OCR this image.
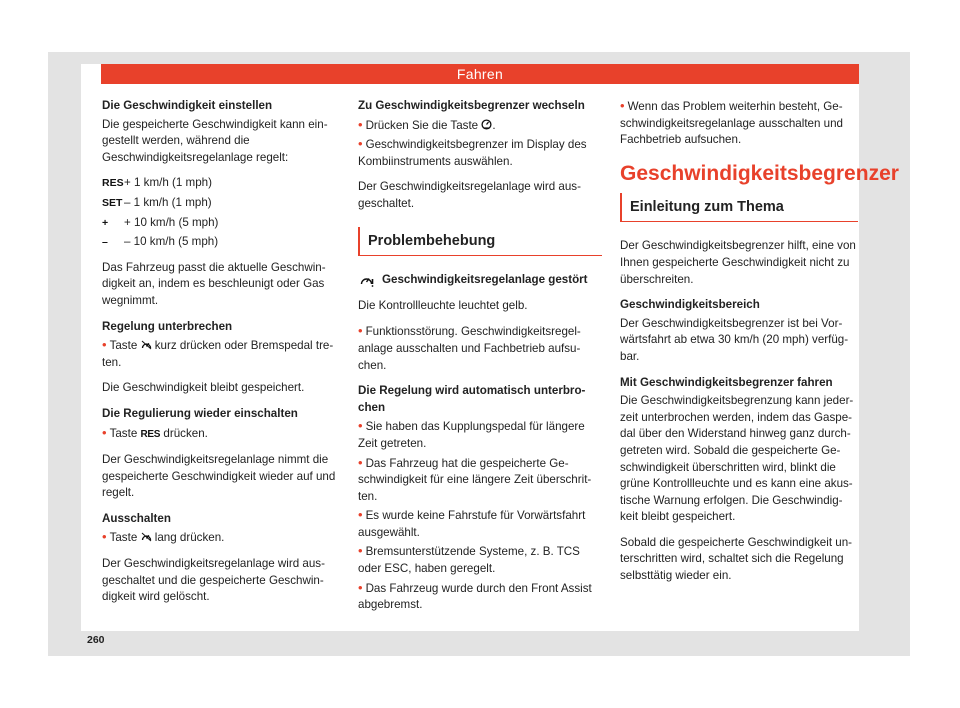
Fahren

Die Geschwindigkeit einstellen

Die gespeicherte Geschwindigkeit kann ein-gestellt werden, während die Geschwindigkeitsregelanlage regelt:

RES + 1 km/h (1 mph)
SET – 1 km/h (1 mph)
+	+ 10 km/h (5 mph)
–	– 10 km/h (5 mph)

Das Fahrzeug passt die aktuelle Geschwin-digkeit an, indem es beschleunigt oder Gas wegnimmt.

Regelung unterbrechen

• Taste kurz drücken oder Bremspedal tre-ten.

Die Geschwindigkeit bleibt gespeichert.

Die Regulierung wieder einschalten

• Taste RES drücken.

Der Geschwindigkeitsregelanlage nimmt die gespeicherte Geschwindigkeit wieder auf und regelt.

Ausschalten

• Taste lang drücken.

Der Geschwindigkeitsregelanlage wird aus-geschaltet und die gespeicherte Geschwin-digkeit wird gelöscht.

Zu Geschwindigkeitsbegrenzer wechseln

• Drücken Sie die Taste .

• Geschwindigkeitsbegrenzer im Display des Kombiinstruments auswählen.

Der Geschwindigkeitsregelanlage wird aus-geschaltet.

Problembehebung
Geschwindigkeitsregelanlage gestört

Die Kontrollleuchte leuchtet gelb.

• Funktionsstörung. Geschwindigkeitsregel-anlage ausschalten und Fachbetrieb aufsu-chen.

Die Regelung wird automatisch unterbro-chen

• Sie haben das Kupplungspedal für längere Zeit getreten.

• Das Fahrzeug hat die gespeicherte Ge-schwindigkeit für eine längere Zeit überschrit-ten.

• Es wurde keine Fahrstufe für Vorwärtsfahrt ausgewählt.

• Bremsunterstützende Systeme, z. B. TCS oder ESC, haben geregelt.

• Das Fahrzeug wurde durch den Front Assist abgebremst.

• Wenn das Problem weiterhin besteht, Ge-schwindigkeitsregelanlage ausschalten und Fachbetrieb aufsuchen.

Geschwindigkeitsbegrenzer
Einleitung zum Thema

Der Geschwindigkeitsbegrenzer hilft, eine von Ihnen gespeicherte Geschwindigkeit nicht zu überschreiten.

Geschwindigkeitsbereich

Der Geschwindigkeitsbegrenzer ist bei Vor-wärtsfahrt ab etwa 30 km/h (20 mph) verfüg-bar.

Mit Geschwindigkeitsbegrenzer fahren

Die Geschwindigkeitsbegrenzung kann jeder-zeit unterbrochen werden, indem das Gaspe-dal über den Widerstand hinweg ganz durch-getreten wird. Sobald die gespeicherte Ge-schwindigkeit überschritten wird, blinkt die grüne Kontrollleuchte und es kann eine akus-tische Warnung erfolgen. Die Geschwindig-keit bleibt gespeichert.

Sobald die gespeicherte Geschwindigkeit un-terschritten wird, schaltet sich die Regelung selbsttätig wieder ein.

260
